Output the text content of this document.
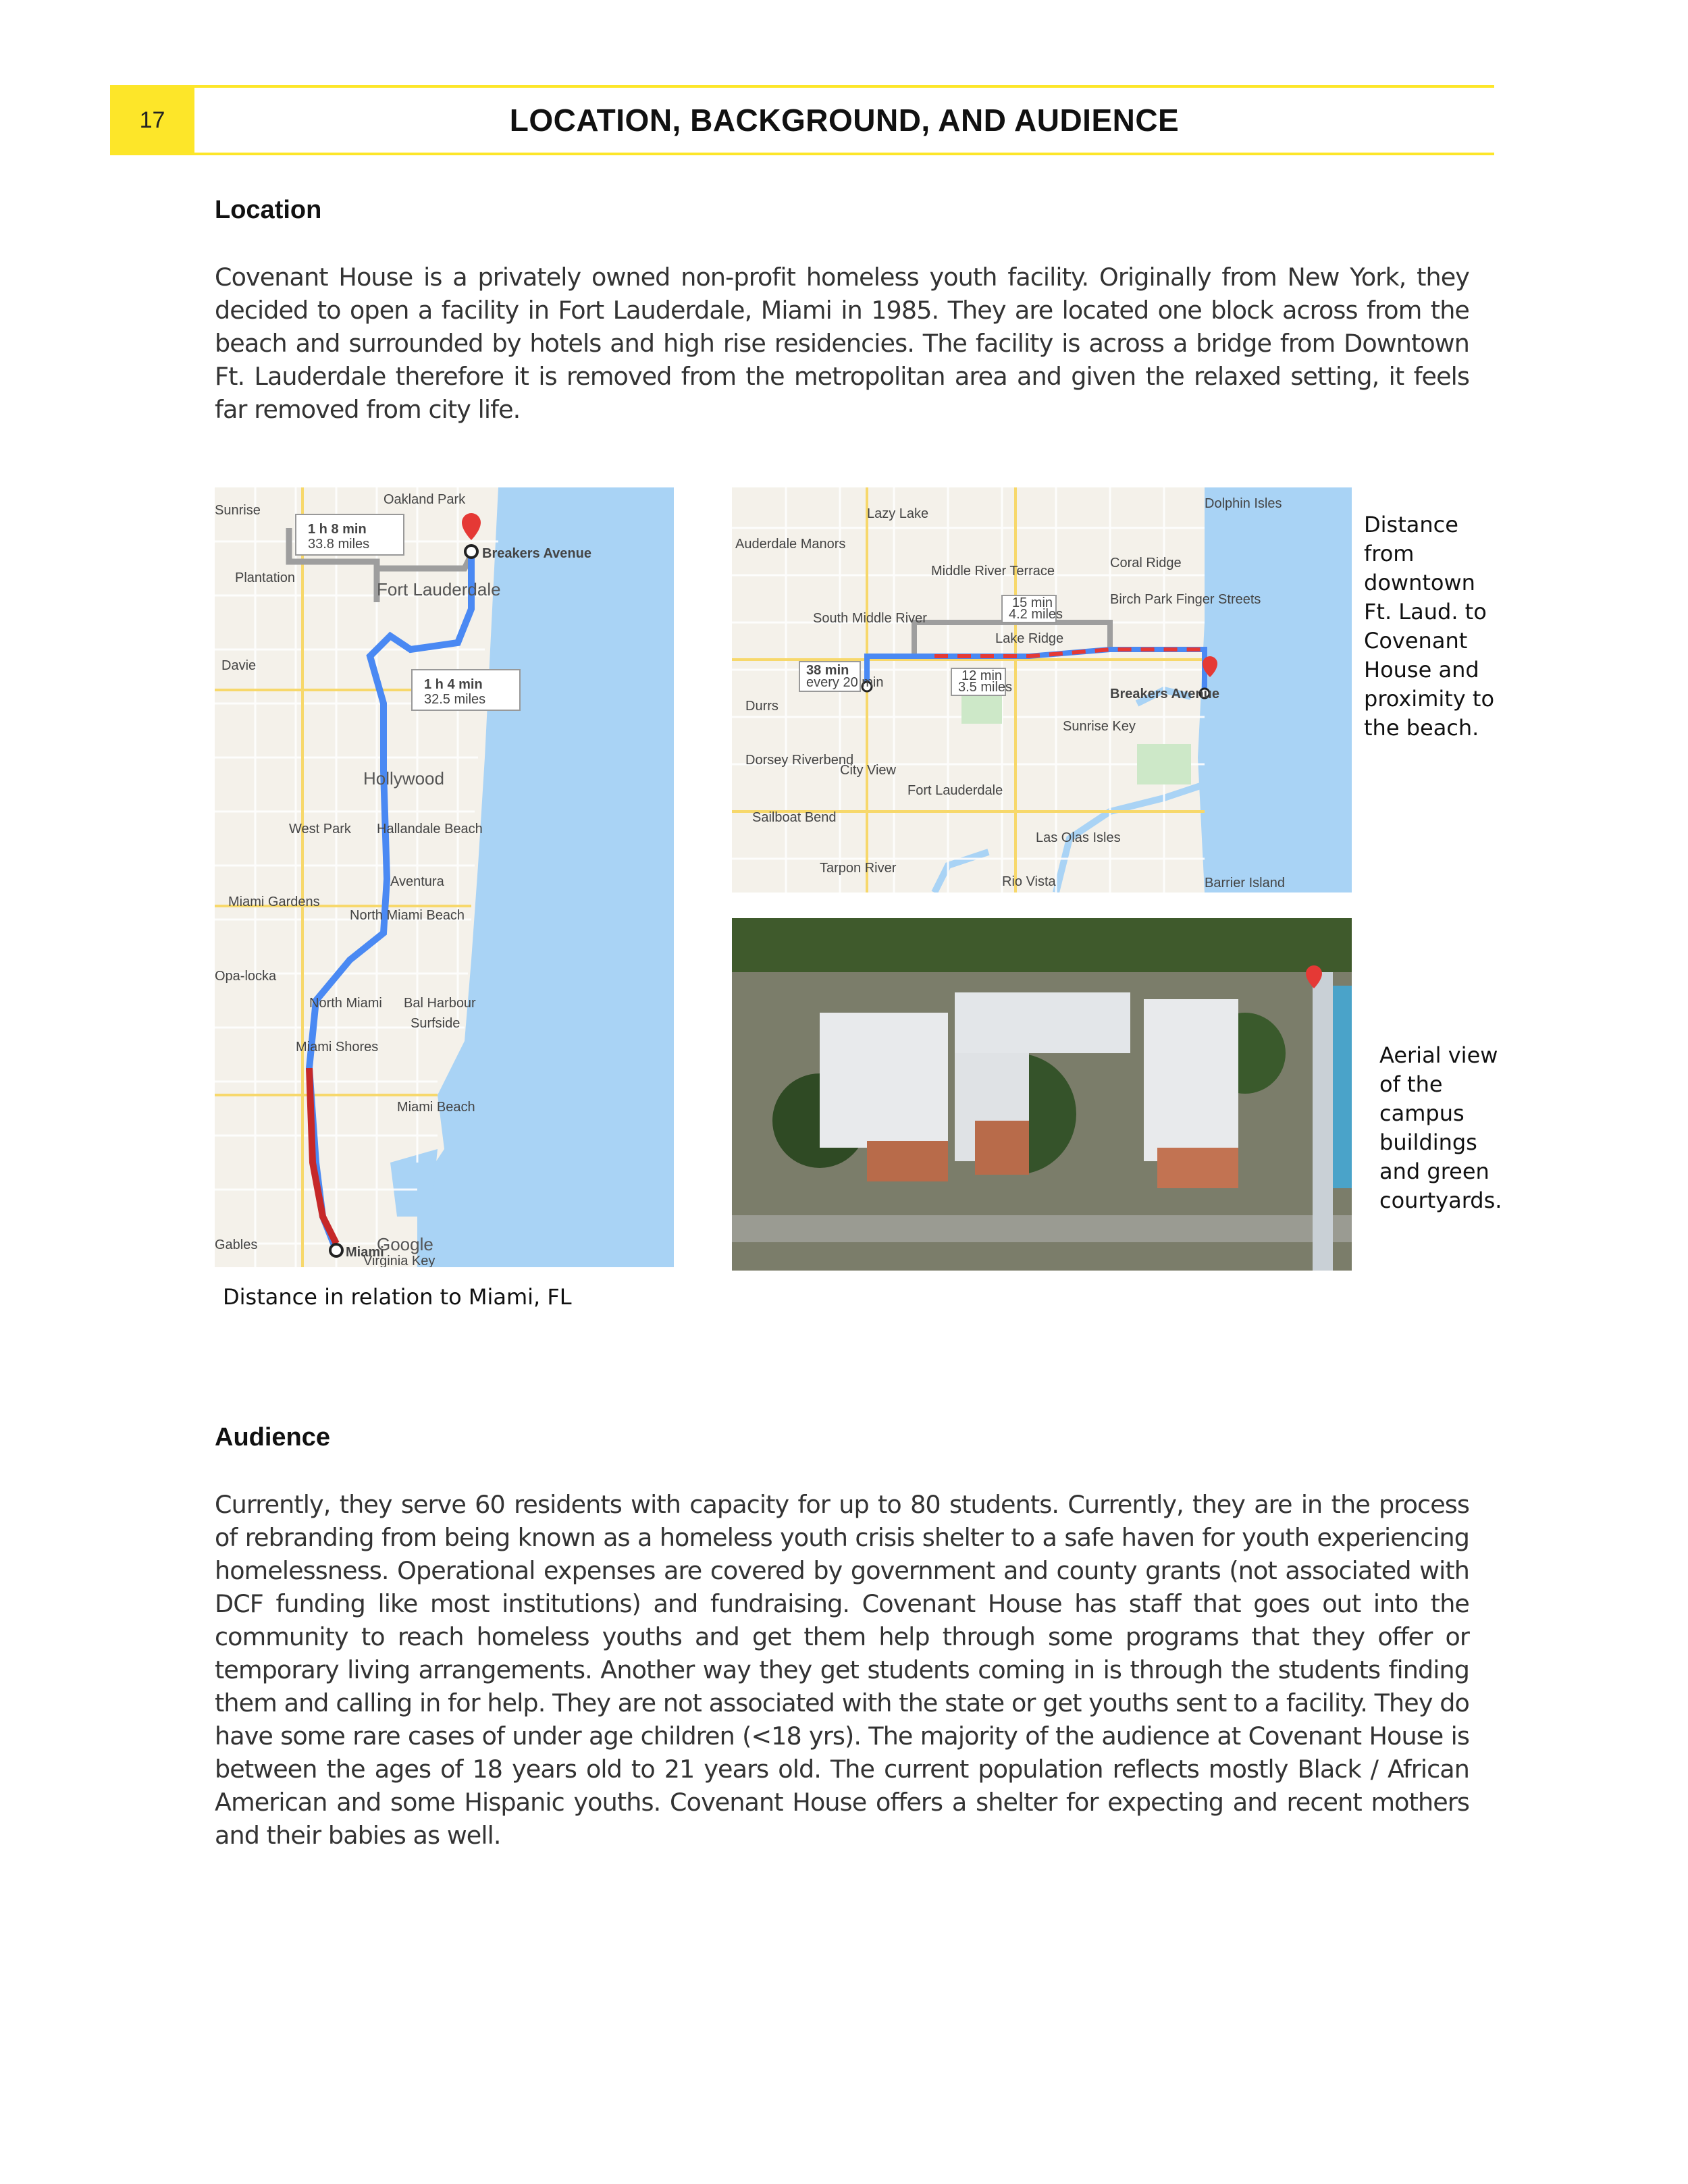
17	LOCATION, BACKGROUND, AND AUDIENCE
Location
Covenant House is a privately owned non-profit homeless youth facility. Originally from New York, they decided to open a facility in Fort Lauderdale, Miami in 1985. They are located one block across from the beach and surrounded by hotels and high rise residencies. The facility is across a bridge from Downtown Ft. Lauderdale therefore it is removed from the metropolitan area and given the relaxed setting, it feels far removed from city life.
1 h 8 min
33.8 miles
1 h 4 min
32.5 miles
Breakers Avenue
Miami
Oakland Park
Sunrise
Plantation
Fort Lauderdale
Davie
Hollywood
West Park Hallandale Beach
Aventura
Miami Gardens
North Miami Beach
Opa-locka
North Miami Bal Harbour
Surfside
Miami Shores
Miami Beach
Virginia Key
Gables	Google
Distance in relation to Miami, FL
38 min
every 20 min	12 min
3.5 miles
15 min
4.2 miles
Breakers Avenue
Fort Lauderdale
Middle River Terrace
Coral Ridge
Birch Park Finger Streets
Lake Ridge
Sunrise Key
Dorsey Riverbend
Sailboat Bend
Las Olas Isles
Tarpon River
Rio Vista	Barrier Island
Dolphin Isles
Lazy Lake
Auderdale Manors
South Middle River
Durrs
City View
Distance from downtown Ft. Laud. to Covenant House and proximity to the beach.
Aerial view of the campus buildings and green courtyards.
Audience
Currently, they serve 60 residents with capacity for up to 80 students. Currently, they are in the process of rebranding from being known as a homeless youth crisis shelter to a safe haven for youth experiencing homelessness. Operational expenses are covered by government and county grants (not associated with DCF funding like most institutions) and fundraising. Covenant House has staff that goes out into the community to reach homeless youths and get them help through some programs that they offer or temporary living arrangements. Another way they get students coming in is through the students finding them and calling in for help. They are not associated with the state or get youths sent to a facility. They do have some rare cases of under age children (<18 yrs). The majority of the audience at Covenant House is between the ages of 18 years old to 21 years old. The current population reflects mostly Black / African American and some Hispanic youths. Covenant House offers a shelter for expecting and recent mothers and their babies as well.
